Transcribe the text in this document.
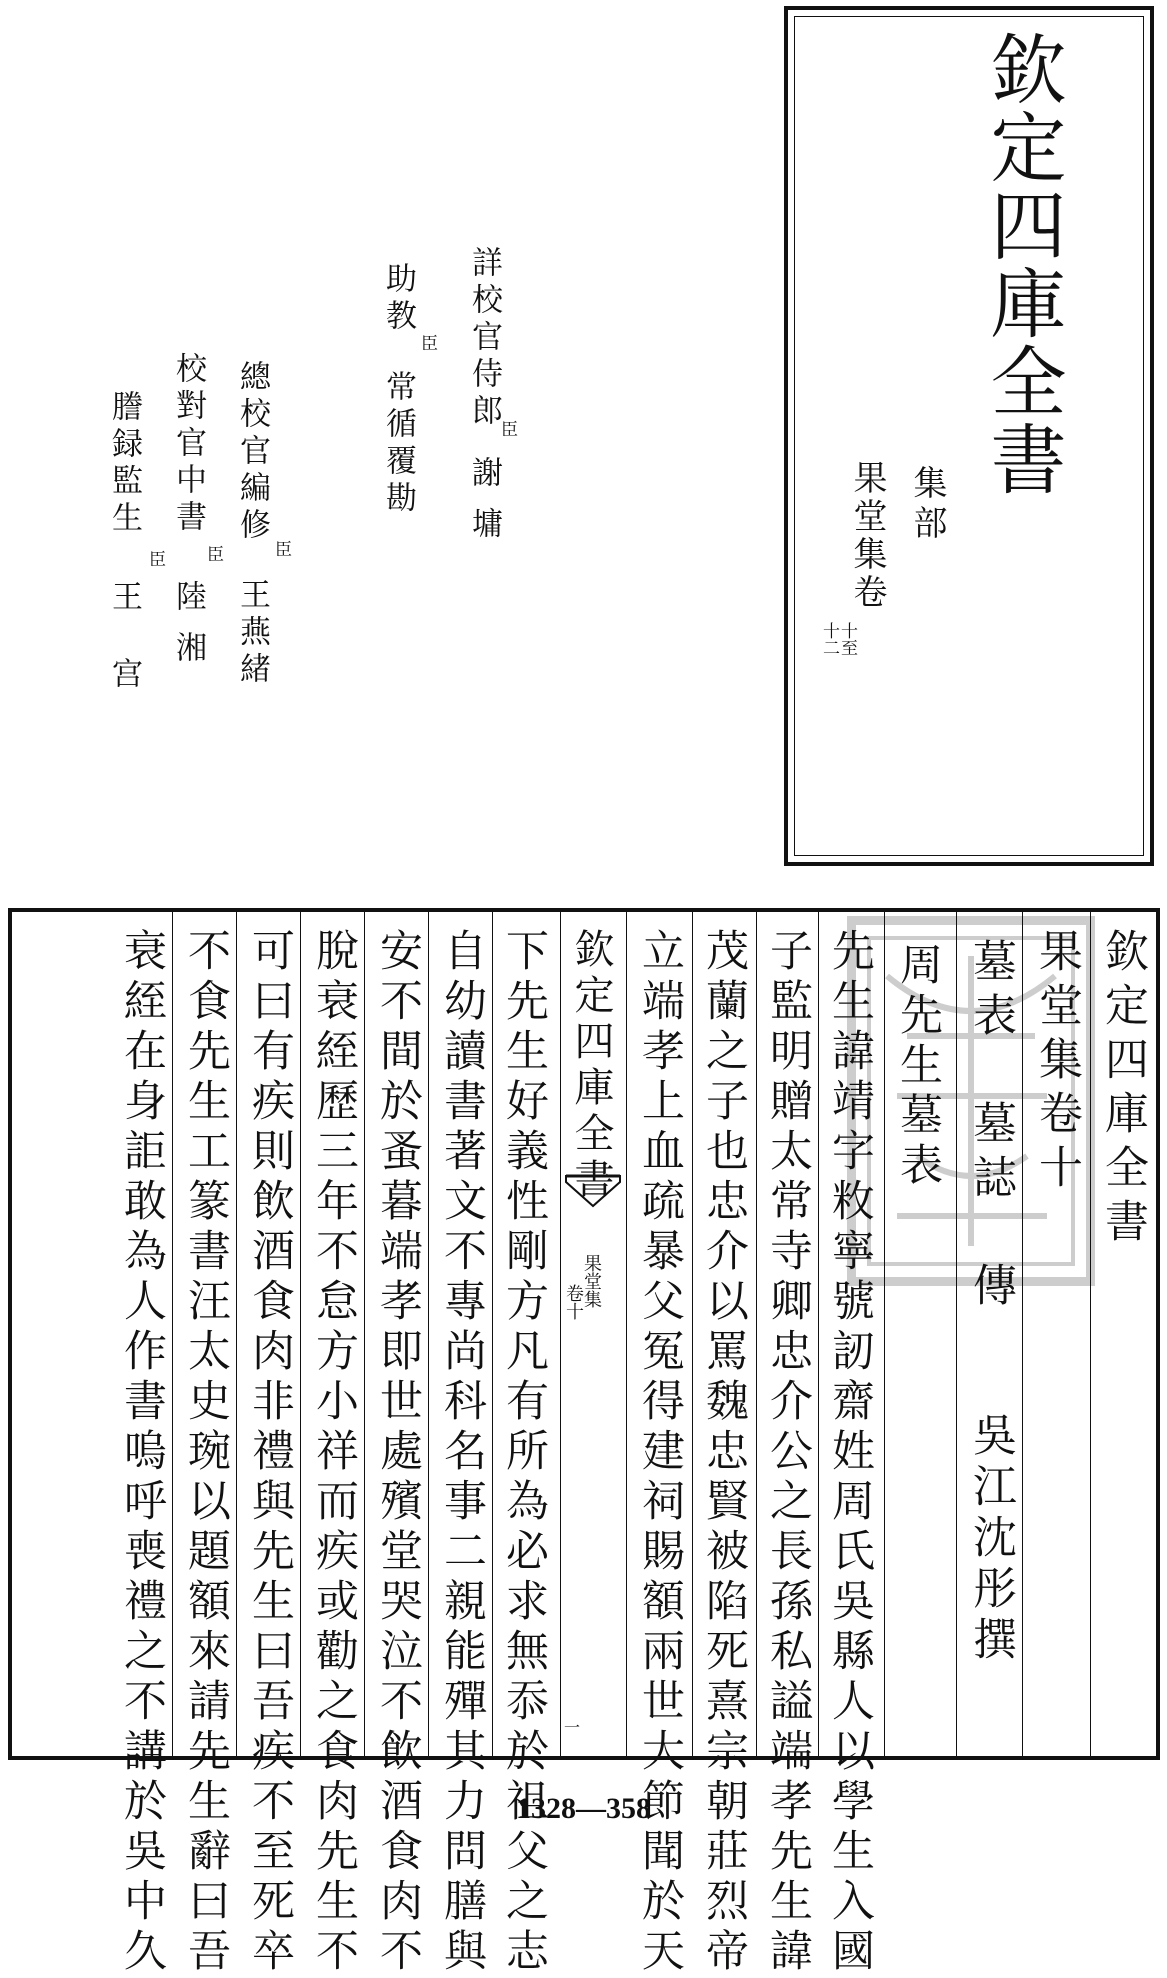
欽定四庫全書
集部
果堂集卷
十至
十二
詳校官侍郎
臣
謝墉
助教
臣
常循覆勘
總校官編修
臣
王燕緒
校對官中書
臣
陸湘
謄録監生
臣
王宫
欽定四庫全書
果堂集卷十
墓表　墓誌　傳
吳江沈彤撰
周先生墓表
先生諱靖字敉寧號訒齋姓周氏吳縣人以學生入國
子監明贈太常寺卿忠介公之長孫私謚端孝先生諱
茂蘭之子也忠介以罵魏忠賢被陷死熹宗朝莊烈帝
立端孝上血疏暴父冤得建祠賜額兩世大節聞於天
欽定四庫全書
果堂集
卷十
一
下先生好義性剛方凡有所為必求無忝於祖父之志
自幼讀書著文不專尚科名事二親能殫其力問膳與
安不間於蚤暮端孝即世處殯堂哭泣不飲酒食肉不
脫衰絰歷三年不怠方小祥而疾或勸之食肉先生不
可曰有疾則飲酒食肉非禮與先生曰吾疾不至死卒
不食先生工篆書汪太史琬以題額來請先生辭曰吾
衰絰在身詎敢為人作書嗚呼喪禮之不講於吳中久	1328—358
